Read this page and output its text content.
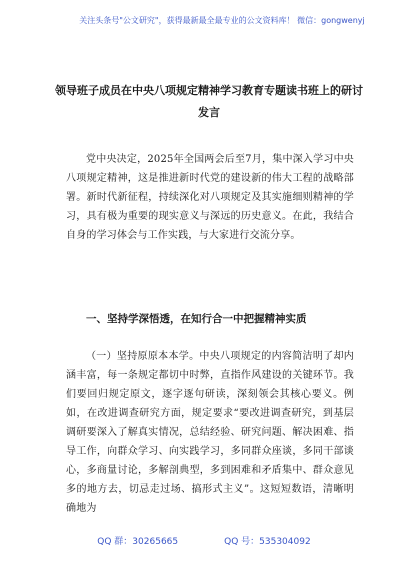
关注头条号"公文研究"，获得最新最全最专业的公文资料库！ 微信：gongwenyj
领导班子成员在中央八项规定精神学习教育专题读书班上的研讨发言
党中央决定，2025年全国两会后至7月，集中深入学习中央八项规定精神，这是推进新时代党的建设新的伟大工程的战略部署。新时代新征程，持续深化对八项规定及其实施细则精神的学习，具有极为重要的现实意义与深远的历史意义。在此，我结合自身的学习体会与工作实践，与大家进行交流分享。
一、坚持学深悟透，在知行合一中把握精神实质
（一）坚持原原本本学。中央八项规定的内容简洁明了却内涵丰富，每一条规定都切中时弊，直指作风建设的关键环节。我们要回归规定原文，逐字逐句研读，深刻领会其核心要义。例如，在改进调查研究方面，规定要求“要改进调查研究，到基层调研要深入了解真实情况，总结经验、研究问题、解决困难、指导工作，向群众学习、向实践学习，多同群众座谈，多同干部谈心，多商量讨论，多解剖典型，多到困难和矛盾集中、群众意见多的地方去，切忌走过场、搞形式主义”。这短短数语，清晰明确地为
QQ 群：30265665	QQ 号：535304092
